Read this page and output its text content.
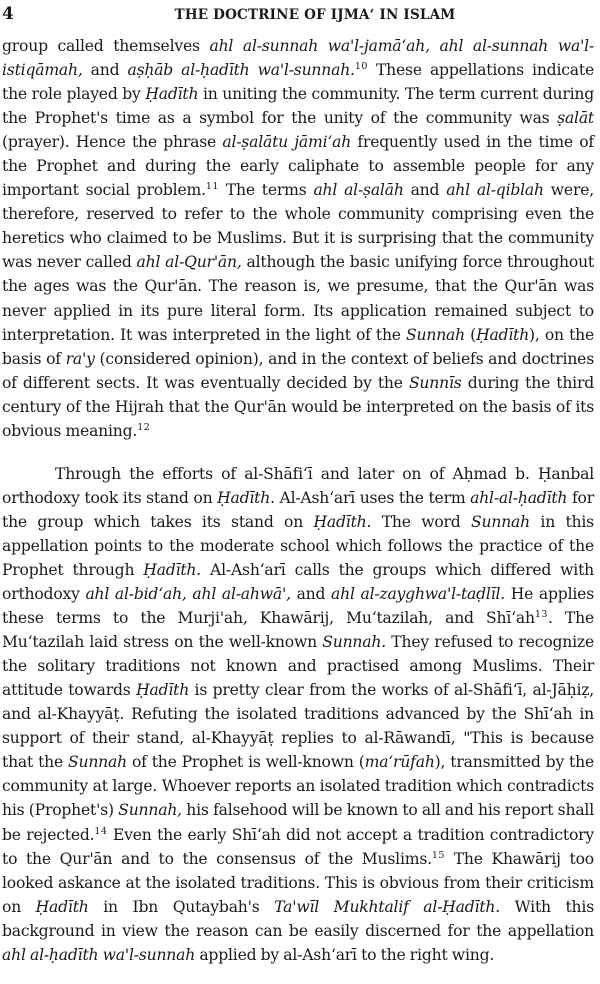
4	THE DOCTRINE OF IJMA‘ IN ISLAM

group called themselves ahl al-sunnah wa'l-jamā‘ah, ahl al-sunnah wa'l-istiqāmah, and aṣḥāb al-ḥadīth wa'l-sunnah.$^{10}$ These appellations indicate the role played by Ḥadīth in uniting the community. The term current during the Prophet's time as a symbol for the unity of the community was ṣalāt (prayer). Hence the phrase al-ṣalātu jāmi‘ah frequently used in the time of the Prophet and during the early caliphate to assemble people for any important social problem.$^{11}$ The terms ahl al-ṣalāh and ahl al-qiblah were, therefore, reserved to refer to the whole community comprising even the heretics who claimed to be Muslims. But it is surprising that the community was never called ahl al-Qur'ān, although the basic unifying force throughout the ages was the Qur'ān. The reason is, we presume, that the Qur'ān was never applied in its pure literal form. Its application remained subject to interpretation. It was interpreted in the light of the Sunnah (Ḥadīth), on the basis of ra'y (considered opinion), and in the context of beliefs and doctrines of different sects. It was eventually decided by the Sunnīs during the third century of the Hijrah that the Qur'ān would be interpreted on the basis of its obvious meaning.$^{12}$

Through the efforts of al-Shāfi‘ī and later on of Aḥmad b. Ḥanbal orthodoxy took its stand on Ḥadīth. Al-Ash‘arī uses the term ahl-al-ḥadīth for the group which takes its stand on Ḥadīth. The word Sunnah in this appellation points to the moderate school which follows the practice of the Prophet through Ḥadīth. Al-Ash‘arī calls the groups which differed with orthodoxy ahl al-bid‘ah, ahl al-ahwā', and ahl al-zayghwa'l-taḍlīl. He applies these terms to the Murji'ah, Khawārij, Mu‘tazilah, and $Shī‘ah^{13}$. The Mu‘tazilah laid stress on the well-known Sunnah. They refused to recognize the solitary traditions not known and practised among Muslims. Their attitude towards Ḥadīth is pretty clear from the works of al-Shāfi‘ī, al-Jāḥiẓ, and al-Khayyāṭ. Refuting the isolated traditions advanced by the Shī‘ah in support of their stand, al-Khayyāṭ replies to al-Rāwandī, "This is because that the Sunnah of the Prophet is well-known (ma‘rūfah), transmitted by the community at large. Whoever reports an isolated tradition which contradicts his (Prophet's) Sunnah, his falsehood will be known to all and his report shall be rejected.$^{14}$ Even the early Shī‘ah did not accept a tradition contradictory to the Qur'ān and to the consensus of the Muslims.$^{15}$ The Khawārij too looked askance at the isolated traditions. This is obvious from their criticism on Ḥadīth in Ibn Qutaybah's Ta'wīl Mukhtalif al-Ḥadīth. With this background in view the reason can be easily discerned for the appellation ahl al-ḥadīth wa'l-sunnah applied by al-Ash‘arī to the right wing.
